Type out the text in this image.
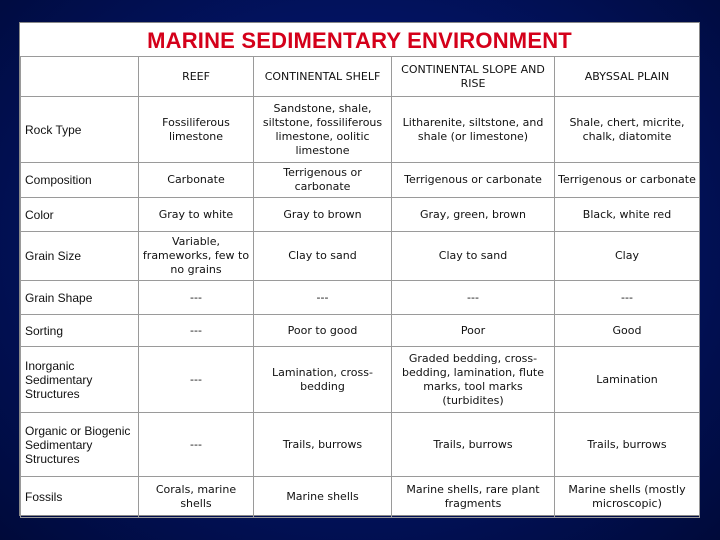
MARINE SEDIMENTARY ENVIRONMENT
	REEF	CONTINENTAL SHELF	CONTINENTAL SLOPE AND RISE	ABYSSAL PLAIN
Rock Type	Fossiliferous limestone	Sandstone, shale, siltstone, fossiliferous limestone, oolitic limestone	Litharenite, siltstone, and shale (or limestone)	Shale, chert, micrite, chalk, diatomite
Composition	Carbonate	Terrigenous or carbonate	Terrigenous or carbonate	Terrigenous or carbonate
Color	Gray to white	Gray to brown	Gray, green, brown	Black, white red
Grain Size	Variable, frameworks, few to no grains	Clay to sand	Clay to sand	Clay
Grain Shape	---	---	---	---
Sorting	---	Poor to good	Poor	Good
Inorganic Sedimentary Structures	---	Lamination, cross-bedding	Graded bedding, cross-bedding, lamination, flute marks, tool marks (turbidites)	Lamination
Organic or Biogenic Sedimentary Structures	---	Trails, burrows	Trails, burrows	Trails, burrows
Fossils	Corals, marine shells	Marine shells	Marine shells, rare plant fragments	Marine shells (mostly microscopic)
